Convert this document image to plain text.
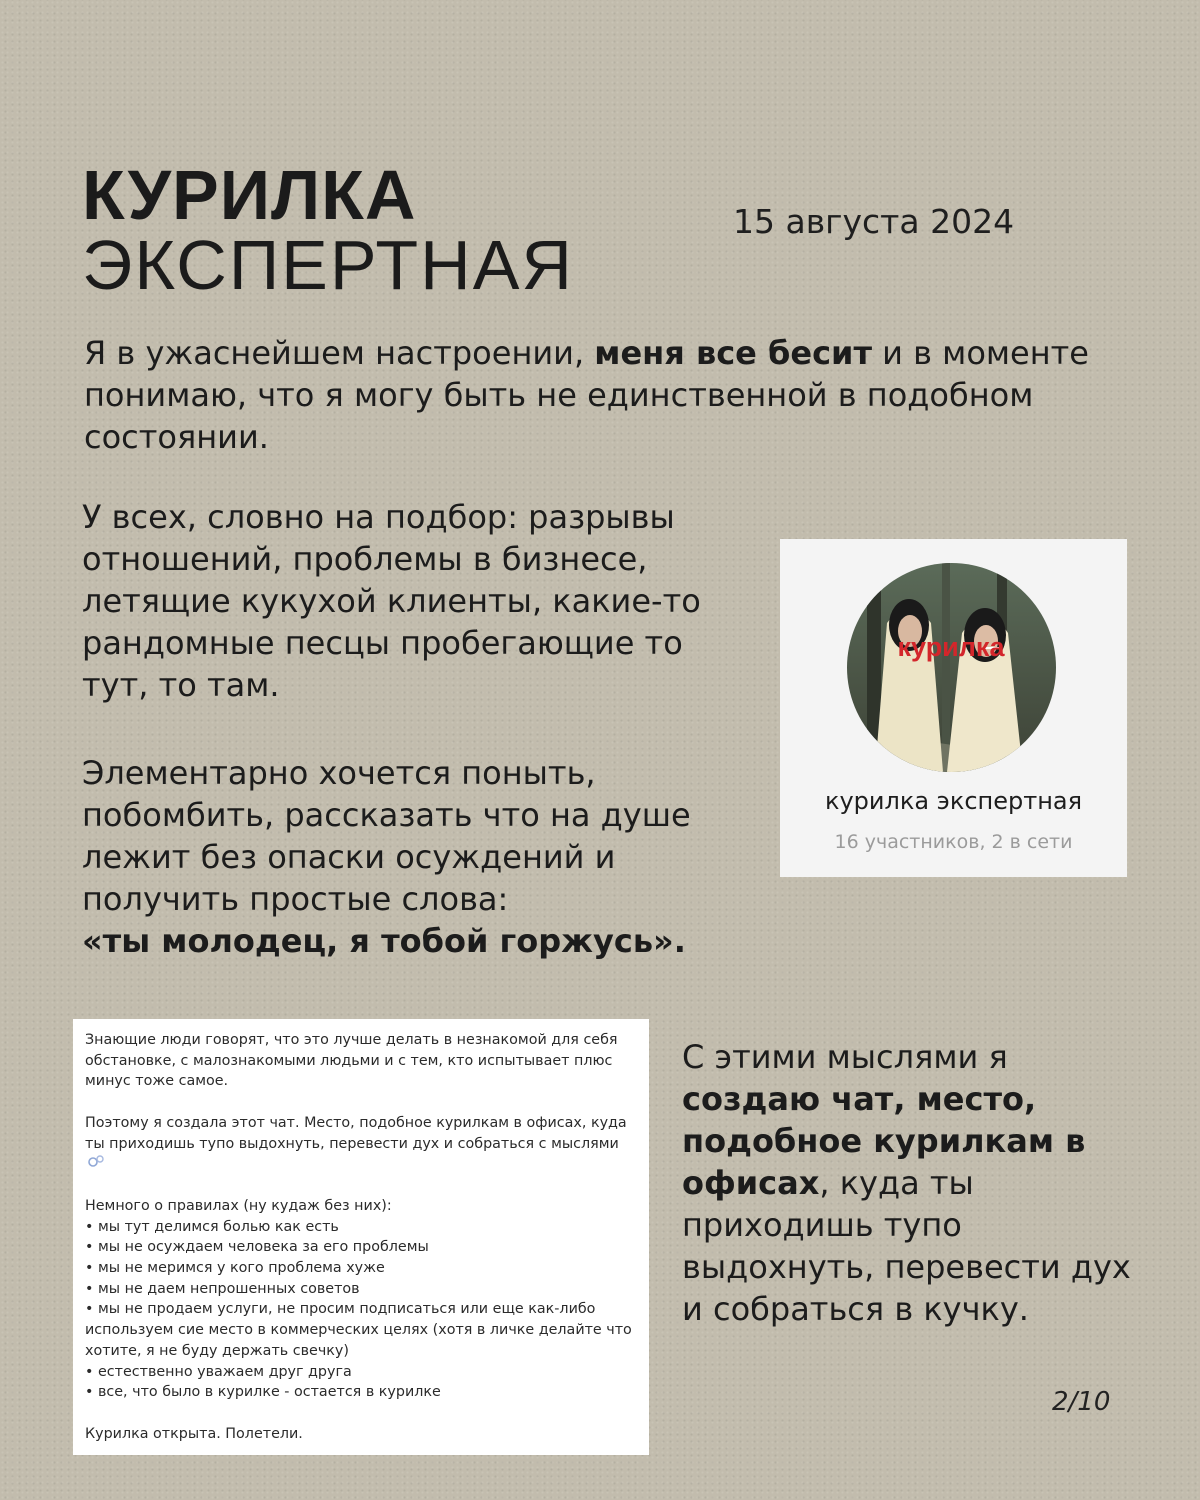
КУРИЛКА
ЭКСПЕРТНАЯ
15 августа 2024
Я в ужаснейшем настроении, меня все бесит и в моменте понимаю, что я могу быть не единственной в подобном состоянии.
У всех, словно на подбор: разрывы отношений, проблемы в бизнесе, летящие кукухой клиенты, какие-то рандомные песцы пробегающие то тут, то там.
Элементарно хочется поныть, побомбить, рассказать что на душе лежит без опаски осуждений и получить простые слова:
«ты молодец, я тобой горжусь».
С этими мыслями я создаю чат, место, подобное курилкам в офисах, куда ты приходишь тупо выдохнуть, перевести дух и собраться в кучку.
курилка
курилка экспертная
16 участников, 2 в сети

Знающие люди говорят, что это лучше делать в незнакомой для себя обстановке, с малознакомыми людьми и с тем, кто испытывает плюс минус тоже самое.

Поэтому я создала этот чат. Место, подобное курилкам в офисах, куда ты приходишь тупо выдохнуть, перевести дух и собраться с мыслями

Немного о правилах (ну кудаж без них):

• мы тут делимся болью как есть

• мы не осуждаем человека за его проблемы

• мы не меримся у кого проблема хуже

• мы не даем непрошенных советов

• мы не продаем услуги, не просим подписаться или еще как-либо используем сие место в коммерческих целях (хотя в личке делайте что хотите, я не буду держать свечку)

• естественно уважаем друг друга

• все, что было в курилке - остается в курилке

Курилка открыта. Полетели.

2/10
